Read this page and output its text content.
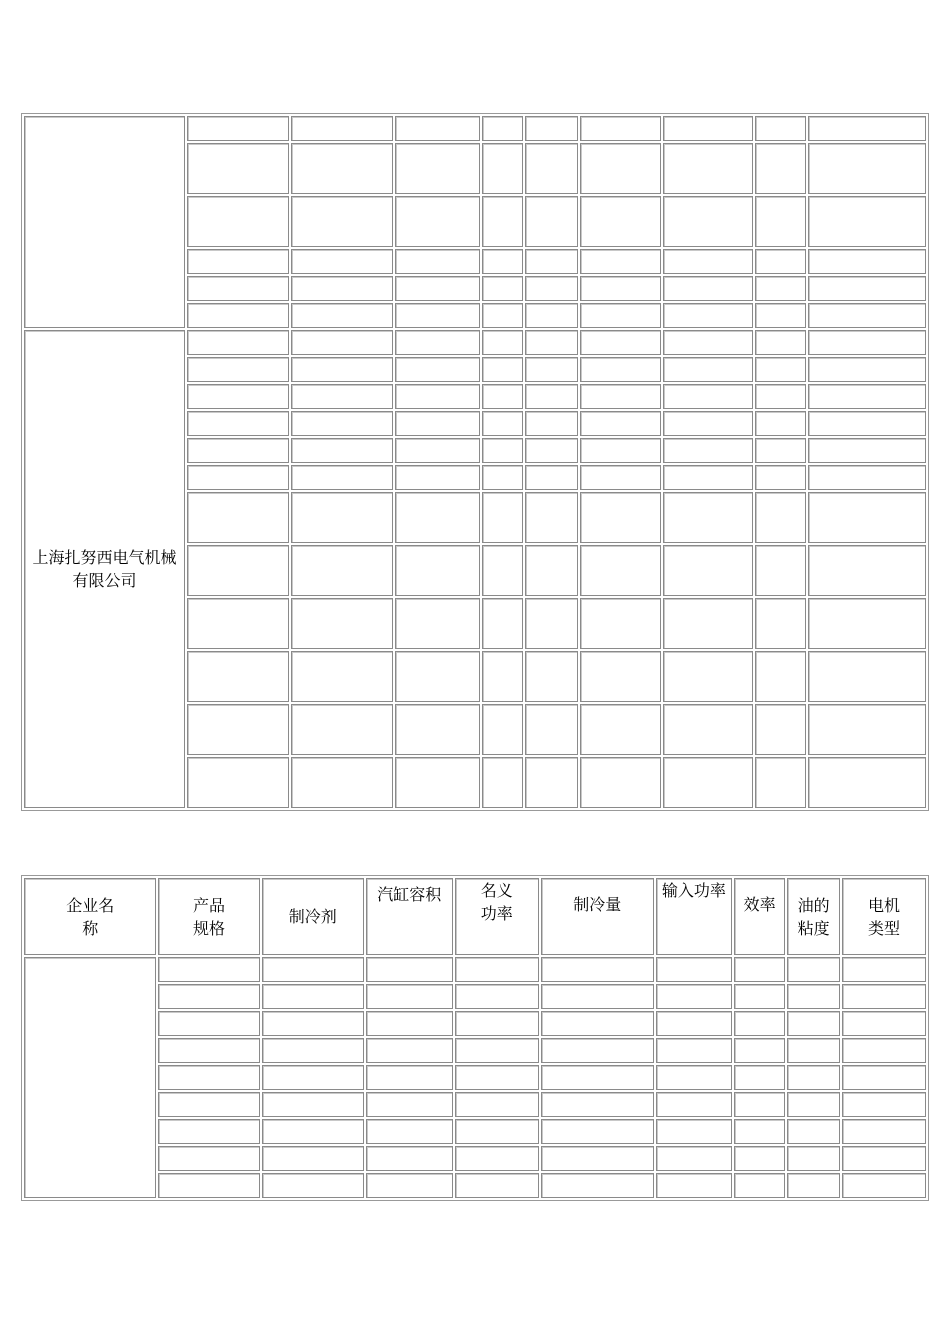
上海扎努西电气机械有限公司									

企业名称	产品规格	制冷剂	汽缸容积	名义功率	制冷量	输入功率	效率	油的粘度	电机类型
